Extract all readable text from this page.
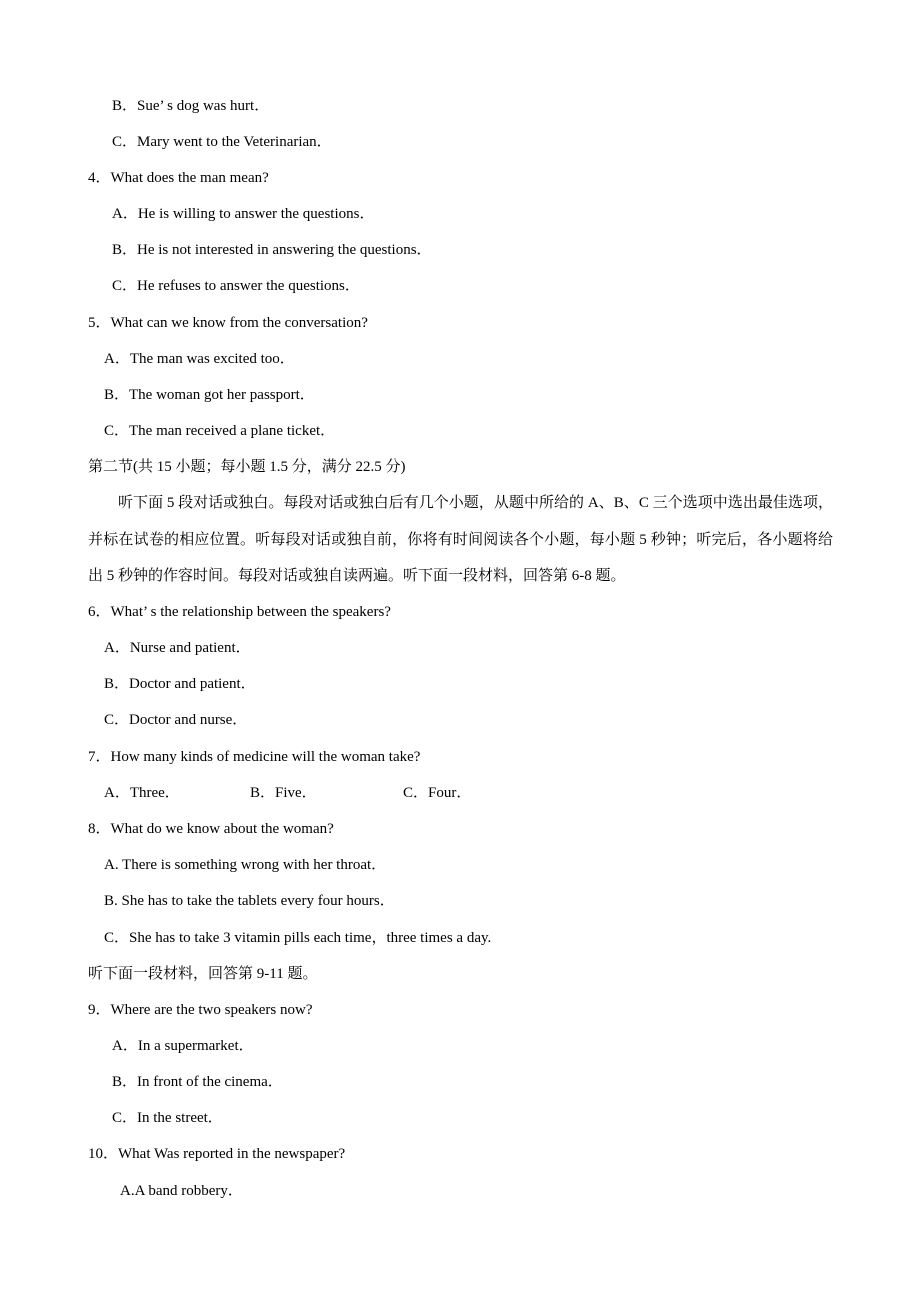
B．Sue’ s dog was hurt．
C．Mary went to the Veterinarian．
4．What does the man mean?
A．He is willing to answer the questions．
B．He is not interested in answering the questions．
C．He refuses to answer the questions．
5．What can we know from the conversation?
A．The man was excited too．
B．The woman got her passport．
C．The man received a plane ticket．
第二节(共 15 小题；每小题 1.5 分，满分 22.5 分)
听下面 5 段对话或独白。每段对话或独白后有几个小题，从题中所给的 A、B、C 三个选项中选出最佳选项，并标在试卷的相应位置。听每段对话或独自前，你将有时间阅读各个小题，每小题 5 秒钟；听完后，各小题将给出 5 秒钟的作容时间。每段对话或独自读两遍。听下面一段材料，回答第 6-8 题。
6．What’ s the relationship between the speakers?
A．Nurse and patient．
B．Doctor and patient．
C．Doctor and nurse．
7．How many kinds of medicine will the woman take?
A．Three．	B．Five．	C．Four．
8．What do we know about the woman?
A. There is something wrong with her throat．
B. She has to take the tablets every four hours．
C．She has to take 3 vitamin pills each time，three times a day.
听下面一段材料，回答第 9-11 题。
9．Where are the two speakers now?
A．In a supermarket．
B．In front of the cinema．
C．In the street．
10．What Was reported in the newspaper?
A.A band robbery．
